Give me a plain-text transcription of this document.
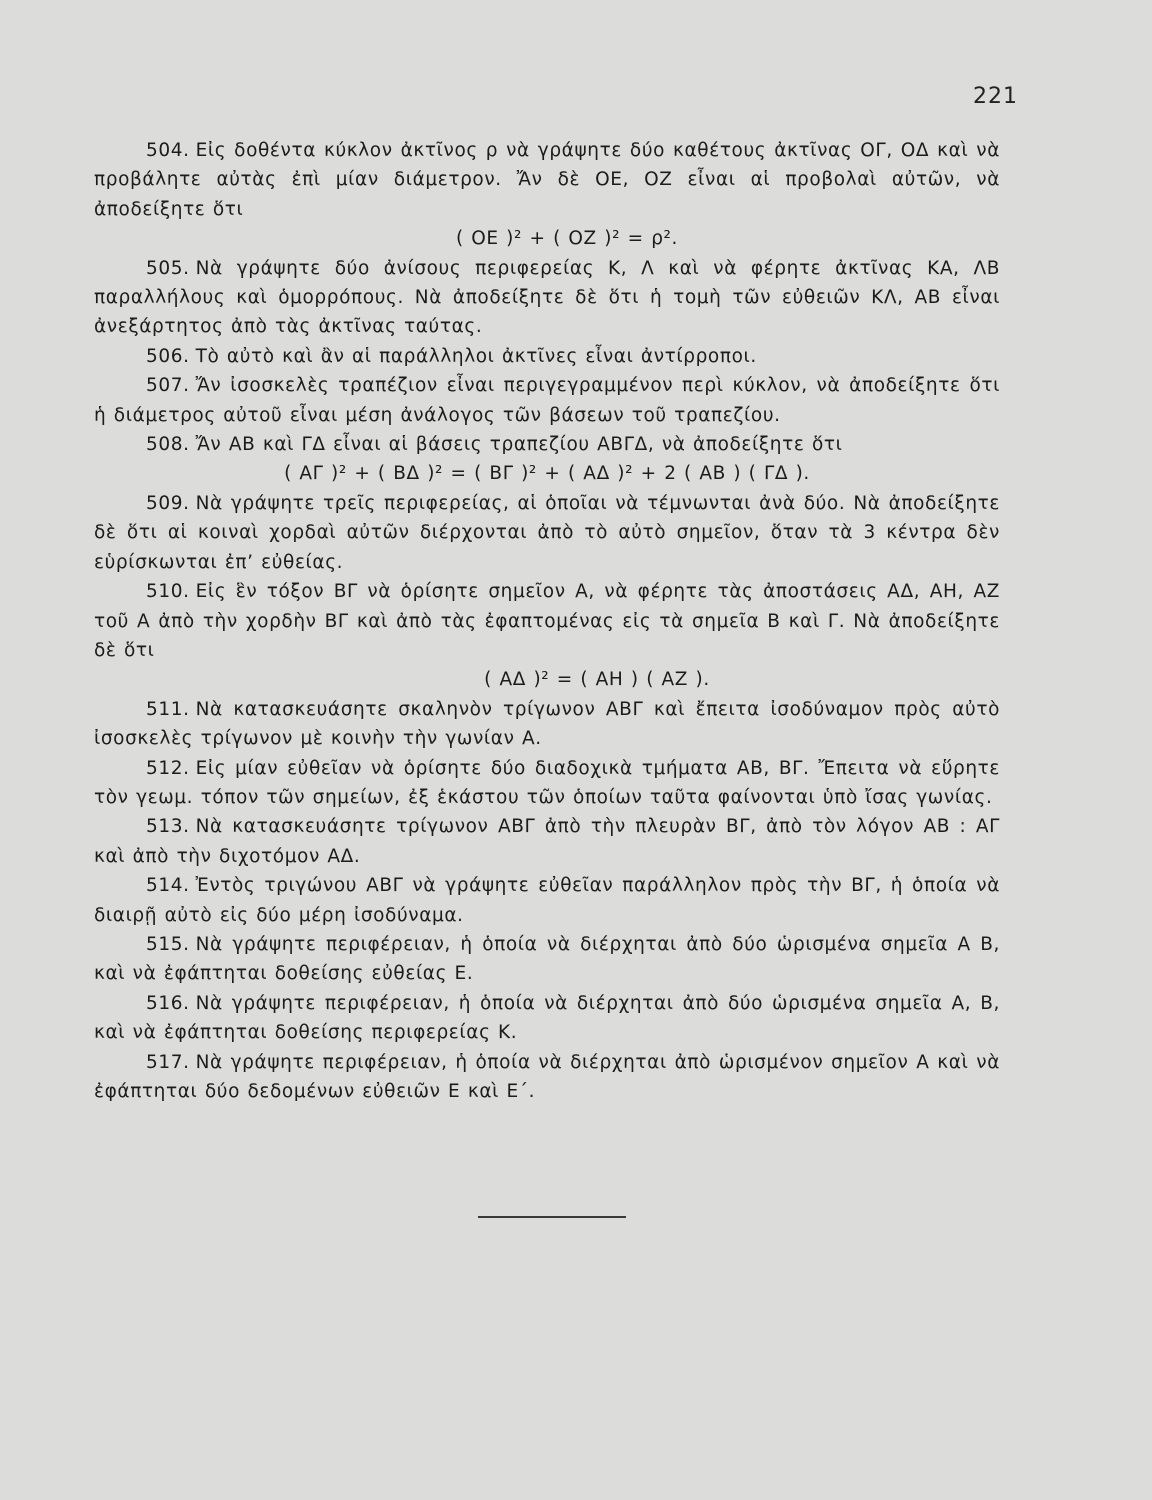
221

504. Εἰς δοθέντα κύκλον ἀκτῖνος ρ νὰ γράψητε δύο καθέτους ἀκτῖνας ΟΓ, ΟΔ καὶ νὰ προβάλητε αὐτὰς ἐπὶ μίαν διάμετρον. Ἄν δὲ ΟΕ, ΟΖ εἶναι αἱ προβολαὶ αὐτῶν, νὰ ἀποδείξητε ὅτι

( ΟΕ )² + ( ΟΖ )² = ρ².

505. Νὰ γράψητε δύο ἀνίσους περιφερείας Κ, Λ καὶ νὰ φέρητε ἀκτῖνας ΚΑ, ΛΒ παραλλήλους καὶ ὁμορρόπους. Νὰ ἀποδείξητε δὲ ὅτι ἡ τομὴ τῶν εὐθειῶν ΚΛ, ΑΒ εἶναι ἀνεξάρτητος ἀπὸ τὰς ἀκτῖνας ταύτας.

506. Τὸ αὐτὸ καὶ ἂν αἱ παράλληλοι ἀκτῖνες εἶναι ἀντίρροποι.

507. Ἄν ἰσοσκελὲς τραπέζιον εἶναι περιγεγραμμένον περὶ κύκλον, νὰ ἀποδείξητε ὅτι ἡ διάμετρος αὐτοῦ εἶναι μέση ἀνάλογος τῶν βάσεων τοῦ τραπεζίου.

508. Ἄν ΑΒ καὶ ΓΔ εἶναι αἱ βάσεις τραπεζίου ΑΒΓΔ, νὰ ἀποδείξητε ὅτι

( ΑΓ )² + ( ΒΔ )² = ( ΒΓ )² + ( ΑΔ )² + 2 ( ΑΒ ) ( ΓΔ ).

509. Νὰ γράψητε τρεῖς περιφερείας, αἱ ὁποῖαι νὰ τέμνωνται ἀνὰ δύο. Νὰ ἀποδείξητε δὲ ὅτι αἱ κοιναὶ χορδαὶ αὐτῶν διέρχονται ἀπὸ τὸ αὐτὸ σημεῖον, ὅταν τὰ 3 κέντρα δὲν εὑρίσκωνται ἐπ’ εὐθείας.

510. Εἰς ἓν τόξον ΒΓ νὰ ὁρίσητε σημεῖον Α, νὰ φέρητε τὰς ἀποστάσεις ΑΔ, ΑΗ, ΑΖ τοῦ Α ἀπὸ τὴν χορδὴν ΒΓ καὶ ἀπὸ τὰς ἐφαπτομένας εἰς τὰ σημεῖα Β καὶ Γ. Νὰ ἀποδείξητε δὲ ὅτι

( ΑΔ )² = ( ΑΗ ) ( ΑΖ ).

511. Νὰ κατασκευάσητε σκαληνὸν τρίγωνον ΑΒΓ καὶ ἔπειτα ἰσοδύναμον πρὸς αὐτὸ ἰσοσκελὲς τρίγωνον μὲ κοινὴν τὴν γωνίαν Α.

512. Εἰς μίαν εὐθεῖαν νὰ ὁρίσητε δύο διαδοχικὰ τμήματα ΑΒ, ΒΓ. Ἔπειτα νὰ εὕρητε τὸν γεωμ. τόπον τῶν σημείων, ἐξ ἑκάστου τῶν ὁποίων ταῦτα φαίνονται ὑπὸ ἴσας γωνίας.

513. Νὰ κατασκευάσητε τρίγωνον ΑΒΓ ἀπὸ τὴν πλευρὰν ΒΓ, ἀπὸ τὸν λόγον ΑΒ : ΑΓ καὶ ἀπὸ τὴν διχοτόμον ΑΔ.

514. Ἐντὸς τριγώνου ΑΒΓ νὰ γράψητε εὐθεῖαν παράλληλον πρὸς τὴν ΒΓ, ἡ ὁποία νὰ διαιρῇ αὐτὸ εἰς δύο μέρη ἰσοδύναμα.

515. Νὰ γράψητε περιφέρειαν, ἡ ὁποία νὰ διέρχηται ἀπὸ δύο ὡρισμένα σημεῖα Α Β, καὶ νὰ ἐφάπτηται δοθείσης εὐθείας Ε.

516. Νὰ γράψητε περιφέρειαν, ἡ ὁποία νὰ διέρχηται ἀπὸ δύο ὡρισμένα σημεῖα Α, Β, καὶ νὰ ἐφάπτηται δοθείσης περιφερείας Κ.

517. Νὰ γράψητε περιφέρειαν, ἡ ὁποία νὰ διέρχηται ἀπὸ ὡρισμένον σημεῖον Α καὶ νὰ ἐφάπτηται δύο δεδομένων εὐθειῶν Ε καὶ Ε΄.
